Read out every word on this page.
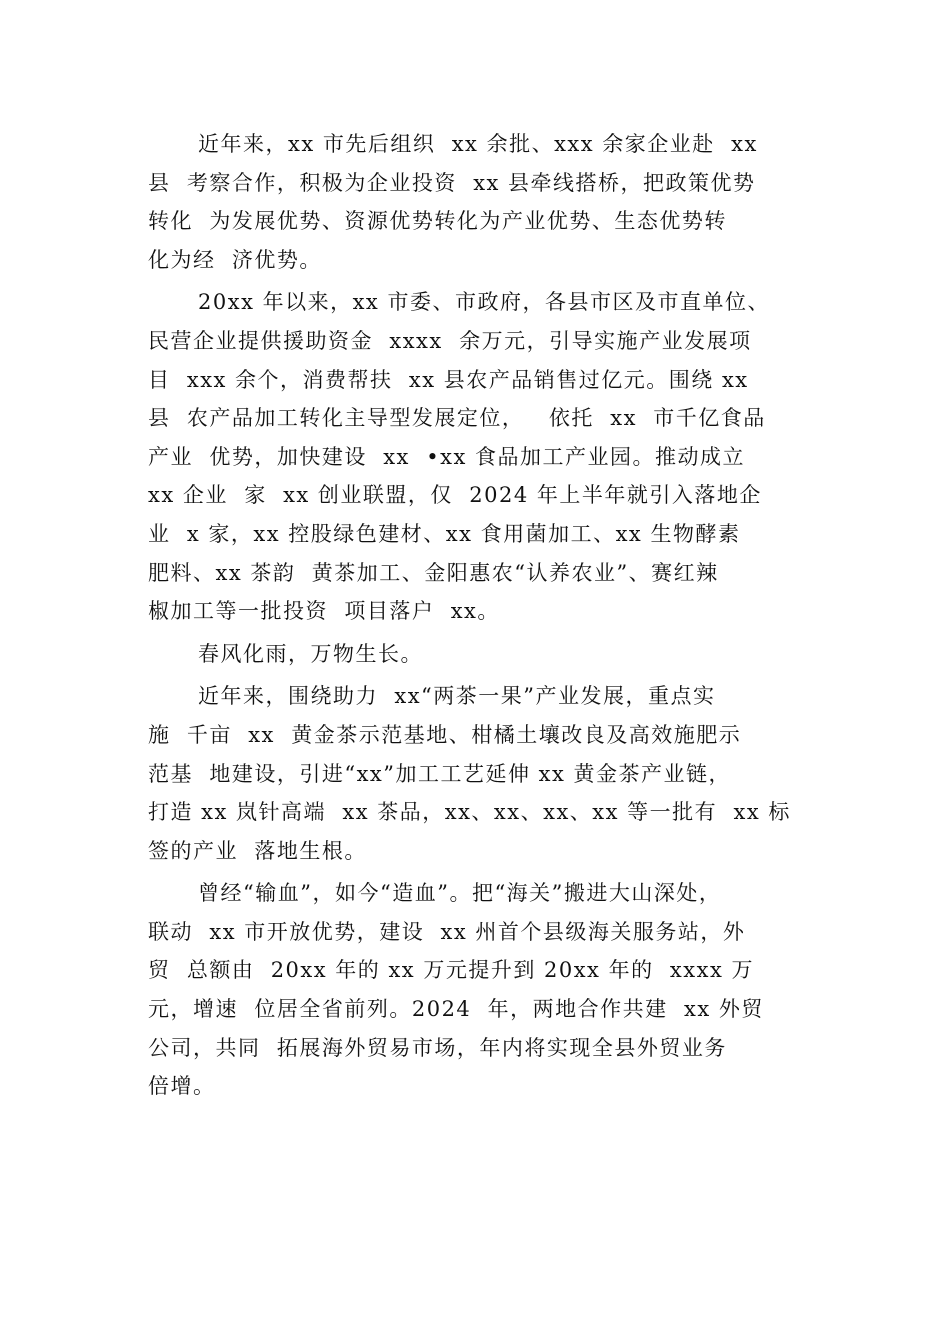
近年来，xx 市先后组织  xx 余批、xxx 余家企业赴  xx
县  考察合作，积极为企业投资  xx 县牵线搭桥，把政策优势
转化  为发展优势、资源优势转化为产业优势、生态优势转
化为经  济优势。
20xx 年以来，xx 市委、市政府，各县市区及市直单位、
民营企业提供援助资金  xxxx  余万元，引导实施产业发展项
目  xxx 余个，消费帮扶  xx 县农产品销售过亿元。围绕 xx
县  农产品加工转化主导型发展定位，   依托  xx  市千亿食品
产业  优势，加快建设  xx  •xx 食品加工产业园。推动成立
xx 企业  家  xx 创业联盟，仅  2024 年上半年就引入落地企
业  x 家，xx 控股绿色建材、xx 食用菌加工、xx 生物酵素
肥料、xx 茶韵  黄茶加工、金阳惠农“认养农业”、赛红辣
椒加工等一批投资  项目落户  xx。
春风化雨，万物生长。
近年来，围绕助力  xx“两茶一果”产业发展，重点实
施  千亩  xx  黄金茶示范基地、柑橘土壤改良及高效施肥示
范基  地建设，引进“xx”加工工艺延伸 xx 黄金茶产业链，
打造 xx 岚针高端  xx 茶品，xx、xx、xx、xx 等一批有  xx 标
签的产业  落地生根。
曾经“输血”，如今“造血”。把“海关”搬进大山深处，
联动  xx 市开放优势，建设  xx 州首个县级海关服务站，外
贸  总额由  20xx 年的 xx 万元提升到 20xx 年的  xxxx 万
元，增速  位居全省前列。2024  年，两地合作共建  xx 外贸
公司，共同  拓展海外贸易市场，年内将实现全县外贸业务
倍增。
